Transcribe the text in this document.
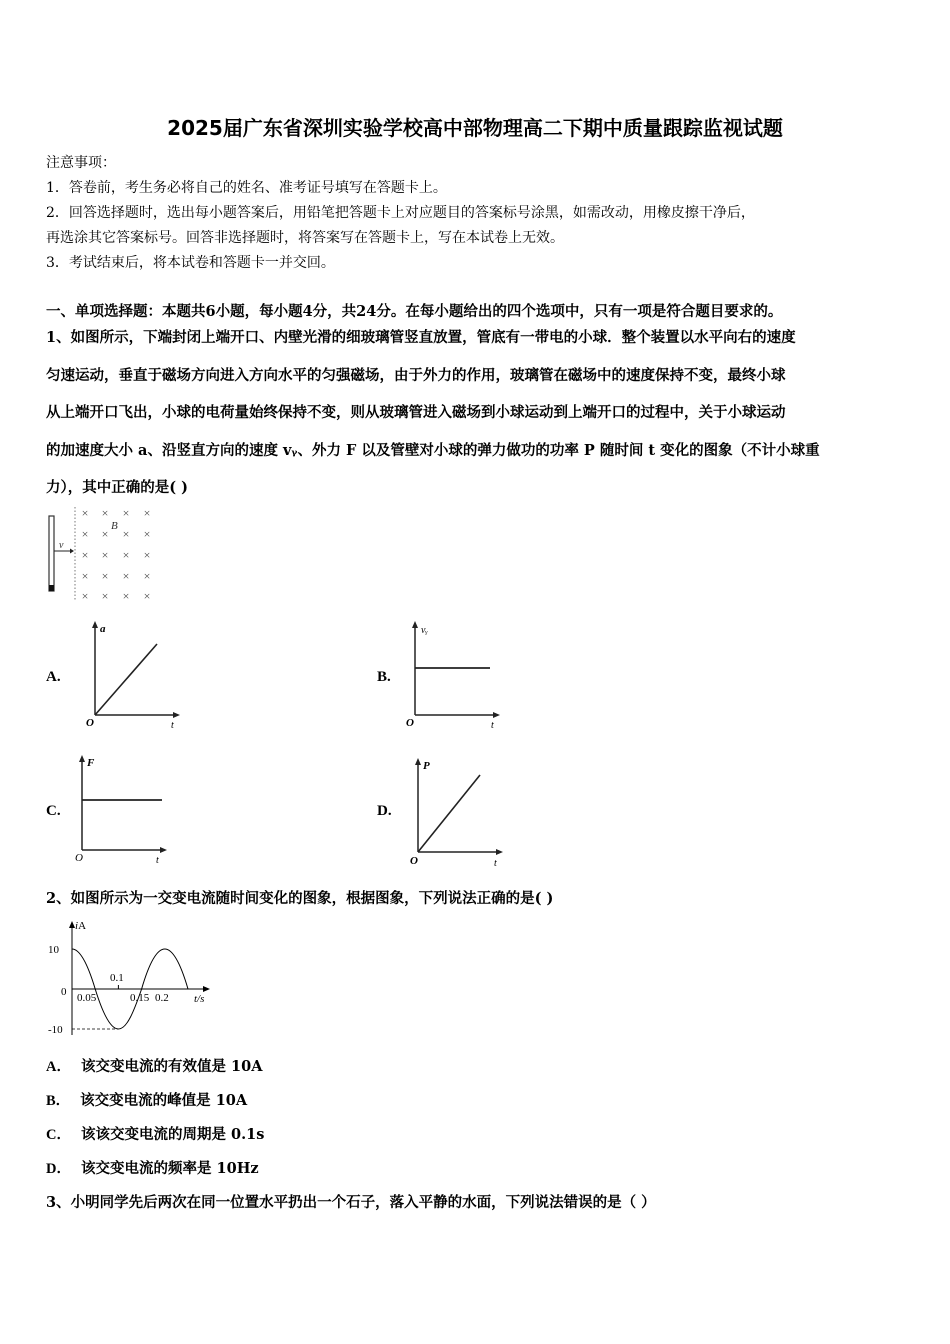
2025届广东省深圳实验学校高中部物理高二下期中质量跟踪监视试题
注意事项：
1．答卷前，考生务必将自己的姓名、准考证号填写在答题卡上。
2．回答选择题时，选出每小题答案后，用铅笔把答题卡上对应题目的答案标号涂黑，如需改动，用橡皮擦干净后，
再选涂其它答案标号。回答非选择题时，将答案写在答题卡上，写在本试卷上无效。
3．考试结束后，将本试卷和答题卡一并交回。
一、单项选择题：本题共6小题，每小题4分，共24分。在每小题给出的四个选项中，只有一项是符合题目要求的。
1、如图所示，下端封闭上端开口、内壁光滑的细玻璃管竖直放置，管底有一带电的小球．整个装置以水平向右的速度
匀速运动，垂直于磁场方向进入方向水平的匀强磁场，由于外力的作用，玻璃管在磁场中的速度保持不变，最终小球
从上端开口飞出，小球的电荷量始终保持不变，则从玻璃管进入磁场到小球运动到上端开口的过程中，关于小球运动
的加速度大小 a、沿竖直方向的速度 vᵧ、外力 F 以及管壁对小球的弹力做功的功率 P 随时间 t 变化的图象（不计小球重
力），其中正确的是( )
× × × ×
× × × ×
× × × ×
× × × ×
× × × ×
v
B
A.
a
O	t
B.
vᵧ
O	t
C.
F
O	t
D.
P
O	t
2、如图所示为一交变电流随时间变化的图象，根据图象，下列说法正确的是( )
iA
10
0
-10
0.05
0.1
0.15 0.2 t/s
A． 该交变电流的有效值是 10A
B． 该交变电流的峰值是 10A
C． 该该交变电流的周期是 0.1s
D． 该交变电流的频率是 10Hz
3、小明同学先后两次在同一位置水平扔出一个石子，落入平静的水面，下列说法错误的是（ ）
